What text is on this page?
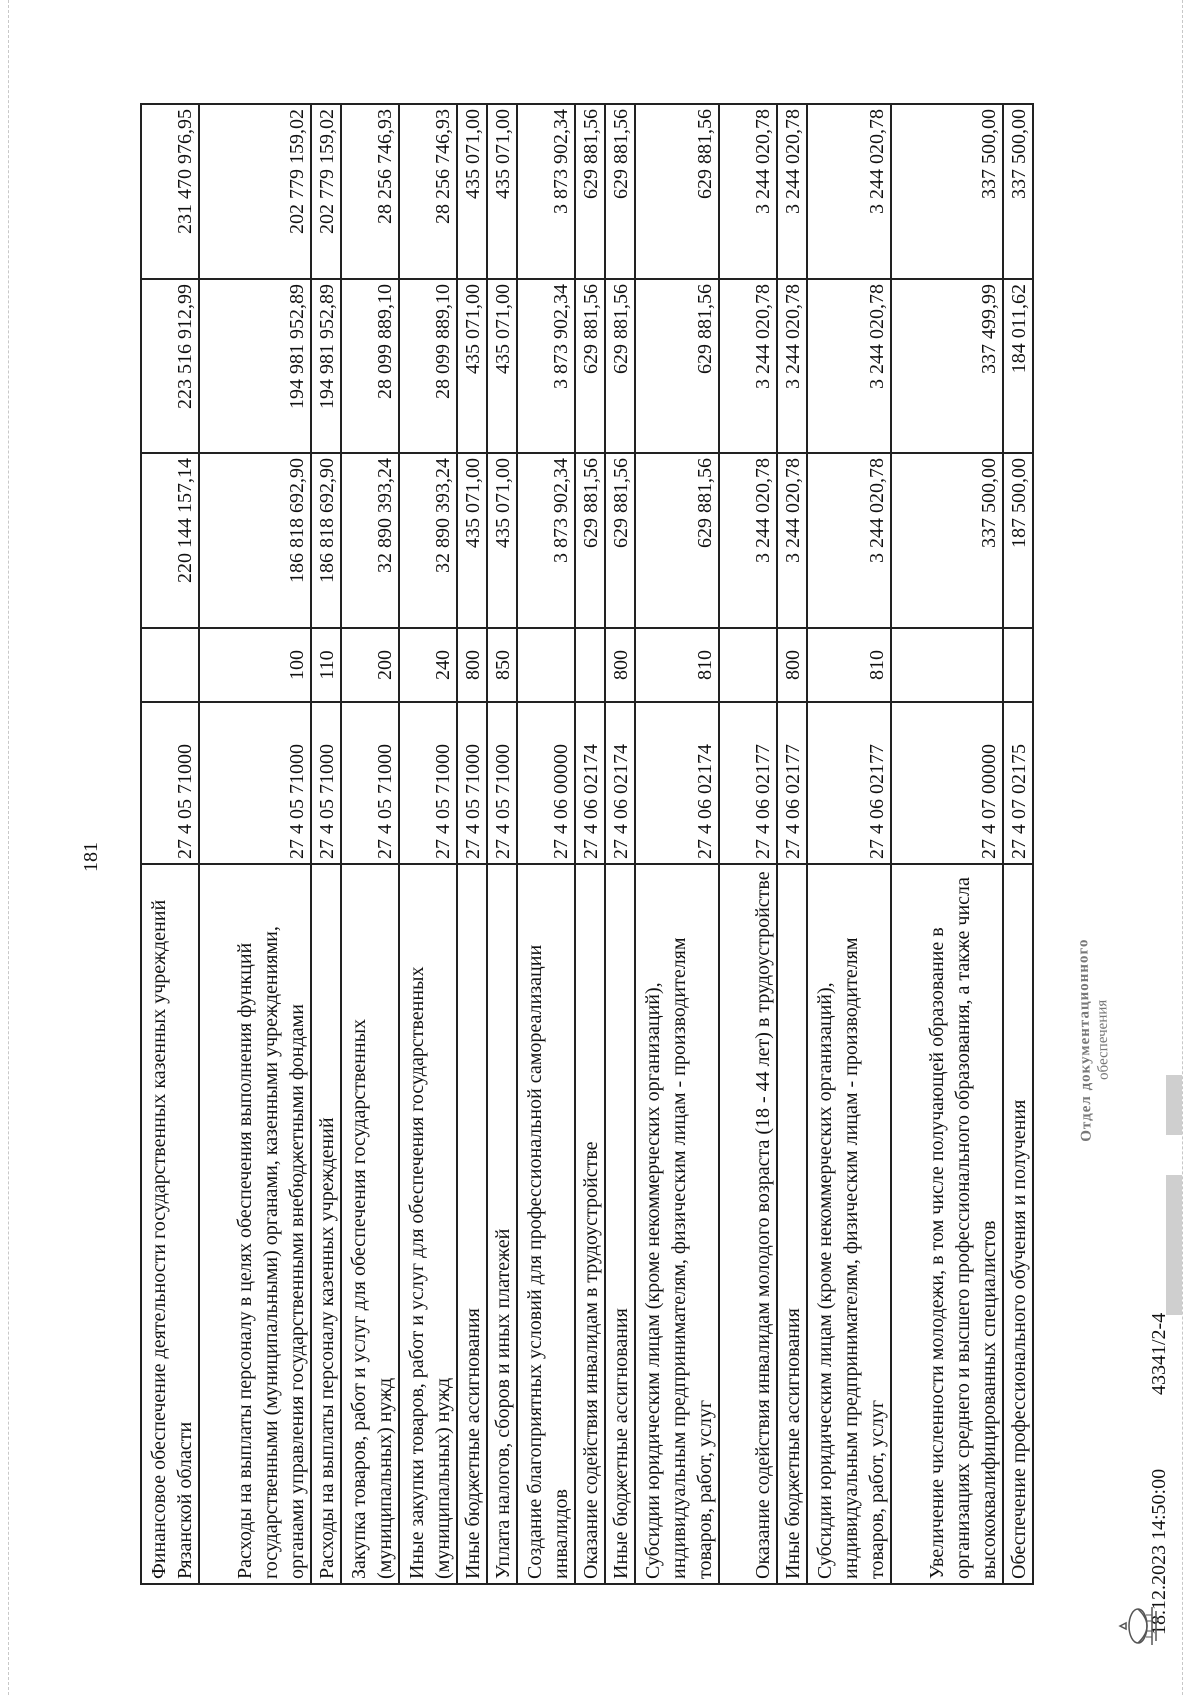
181
Финансовое обеспечение деятельности государственных казенных учреждений Рязанской области	27 4 05 71000		220 144 157,14	223 516 912,99	231 470 976,95
Расходы на выплаты персоналу в целях обеспечения выполнения функций государственными (муниципальными) органами, казенными учреждениями, органами управления государственными внебюджетными фондами	27 4 05 71000	100	186 818 692,90	194 981 952,89	202 779 159,02
Расходы на выплаты персоналу казенных учреждений	27 4 05 71000	110	186 818 692,90	194 981 952,89	202 779 159,02
Закупка товаров, работ и услуг для обеспечения государственных (муниципальных) нужд	27 4 05 71000	200	32 890 393,24	28 099 889,10	28 256 746,93
Иные закупки товаров, работ и услуг для обеспечения государственных (муниципальных) нужд	27 4 05 71000	240	32 890 393,24	28 099 889,10	28 256 746,93
Иные бюджетные ассигнования	27 4 05 71000	800	435 071,00	435 071,00	435 071,00
Уплата налогов, сборов и иных платежей	27 4 05 71000	850	435 071,00	435 071,00	435 071,00
Создание благоприятных условий для профессиональной самореализации инвалидов	27 4 06 00000		3 873 902,34	3 873 902,34	3 873 902,34
Оказание содействия инвалидам в трудоустройстве	27 4 06 02174		629 881,56	629 881,56	629 881,56
Иные бюджетные ассигнования	27 4 06 02174	800	629 881,56	629 881,56	629 881,56
Субсидии юридическим лицам (кроме некоммерческих организаций), индивидуальным предпринимателям, физическим лицам - производителям товаров, работ, услуг	27 4 06 02174	810	629 881,56	629 881,56	629 881,56
Оказание содействия инвалидам молодого возраста (18 - 44 лет) в трудоустройстве	27 4 06 02177		3 244 020,78	3 244 020,78	3 244 020,78
Иные бюджетные ассигнования	27 4 06 02177	800	3 244 020,78	3 244 020,78	3 244 020,78
Субсидии юридическим лицам (кроме некоммерческих организаций), индивидуальным предпринимателям, физическим лицам - производителям товаров, работ, услуг	27 4 06 02177	810	3 244 020,78	3 244 020,78	3 244 020,78
Увеличение численности молодежи, в том числе получающей образование в организациях среднего и высшего профессионального образования, а также числа высококвалифицированных специалистов	27 4 07 00000		337 500,00	337 499,99	337 500,00
Обеспечение профессионального обучения и получения	27 4 07 02175		187 500,00	184 011,62	337 500,00
18.12.2023 14:50:00
43341/2-4
Отдел документационного обеспечения
